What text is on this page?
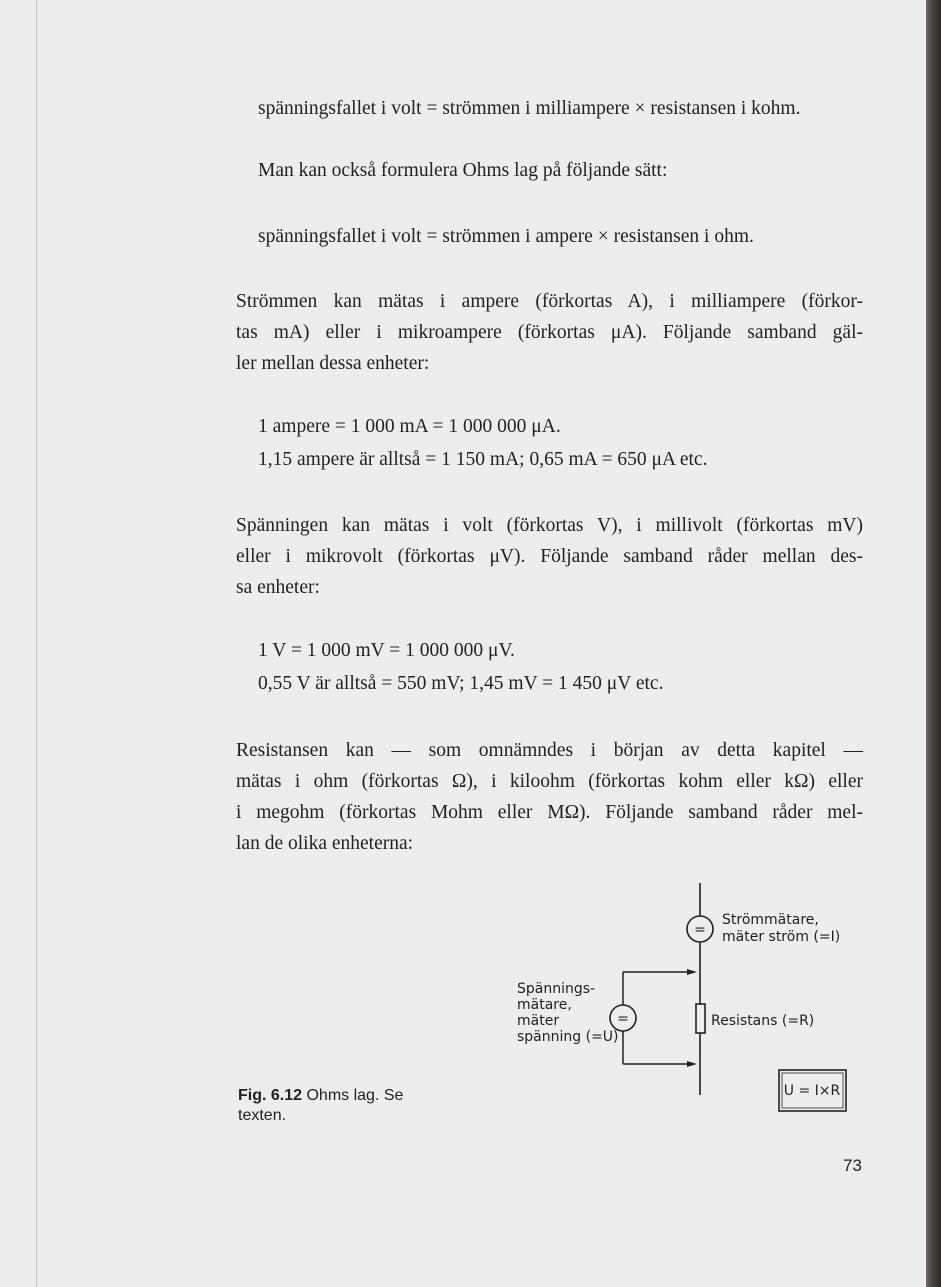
spänningsfallet i volt = strömmen i milliampere × resistansen i kohm.
Man kan också formulera Ohms lag på följande sätt:
spänningsfallet i volt = strömmen i ampere × resistansen i ohm.
Strömmen kan mätas i ampere (förkortas A), i milliampere (förkor-
tas mA) eller i mikroampere (förkortas μA). Följande samband gäl-
ler mellan dessa enheter:
1 ampere = 1 000 mA = 1 000 000 μA.
1,15 ampere är alltså = 1 150 mA; 0,65 mA = 650 μA etc.
Spänningen kan mätas i volt (förkortas V), i millivolt (förkortas mV)
eller i mikrovolt (förkortas μV). Följande samband råder mellan des-
sa enheter:
1 V = 1 000 mV = 1 000 000 μV.
0,55 V är alltså = 550 mV; 1,45 mV = 1 450 μV etc.
Resistansen kan — som omnämndes i början av detta kapitel —
mätas i ohm (förkortas Ω), i kiloohm (förkortas kohm eller kΩ) eller
i megohm (förkortas Mohm eller MΩ). Följande samband råder mel-
lan de olika enheterna:
=
Strömmätare,
mäter ström (=I)
Resistans (=R)
=
Spännings-
mätare,
mäter
spänning (=U)
U = I×R
Fig. 6.12 Ohms lag. Se texten.
73
